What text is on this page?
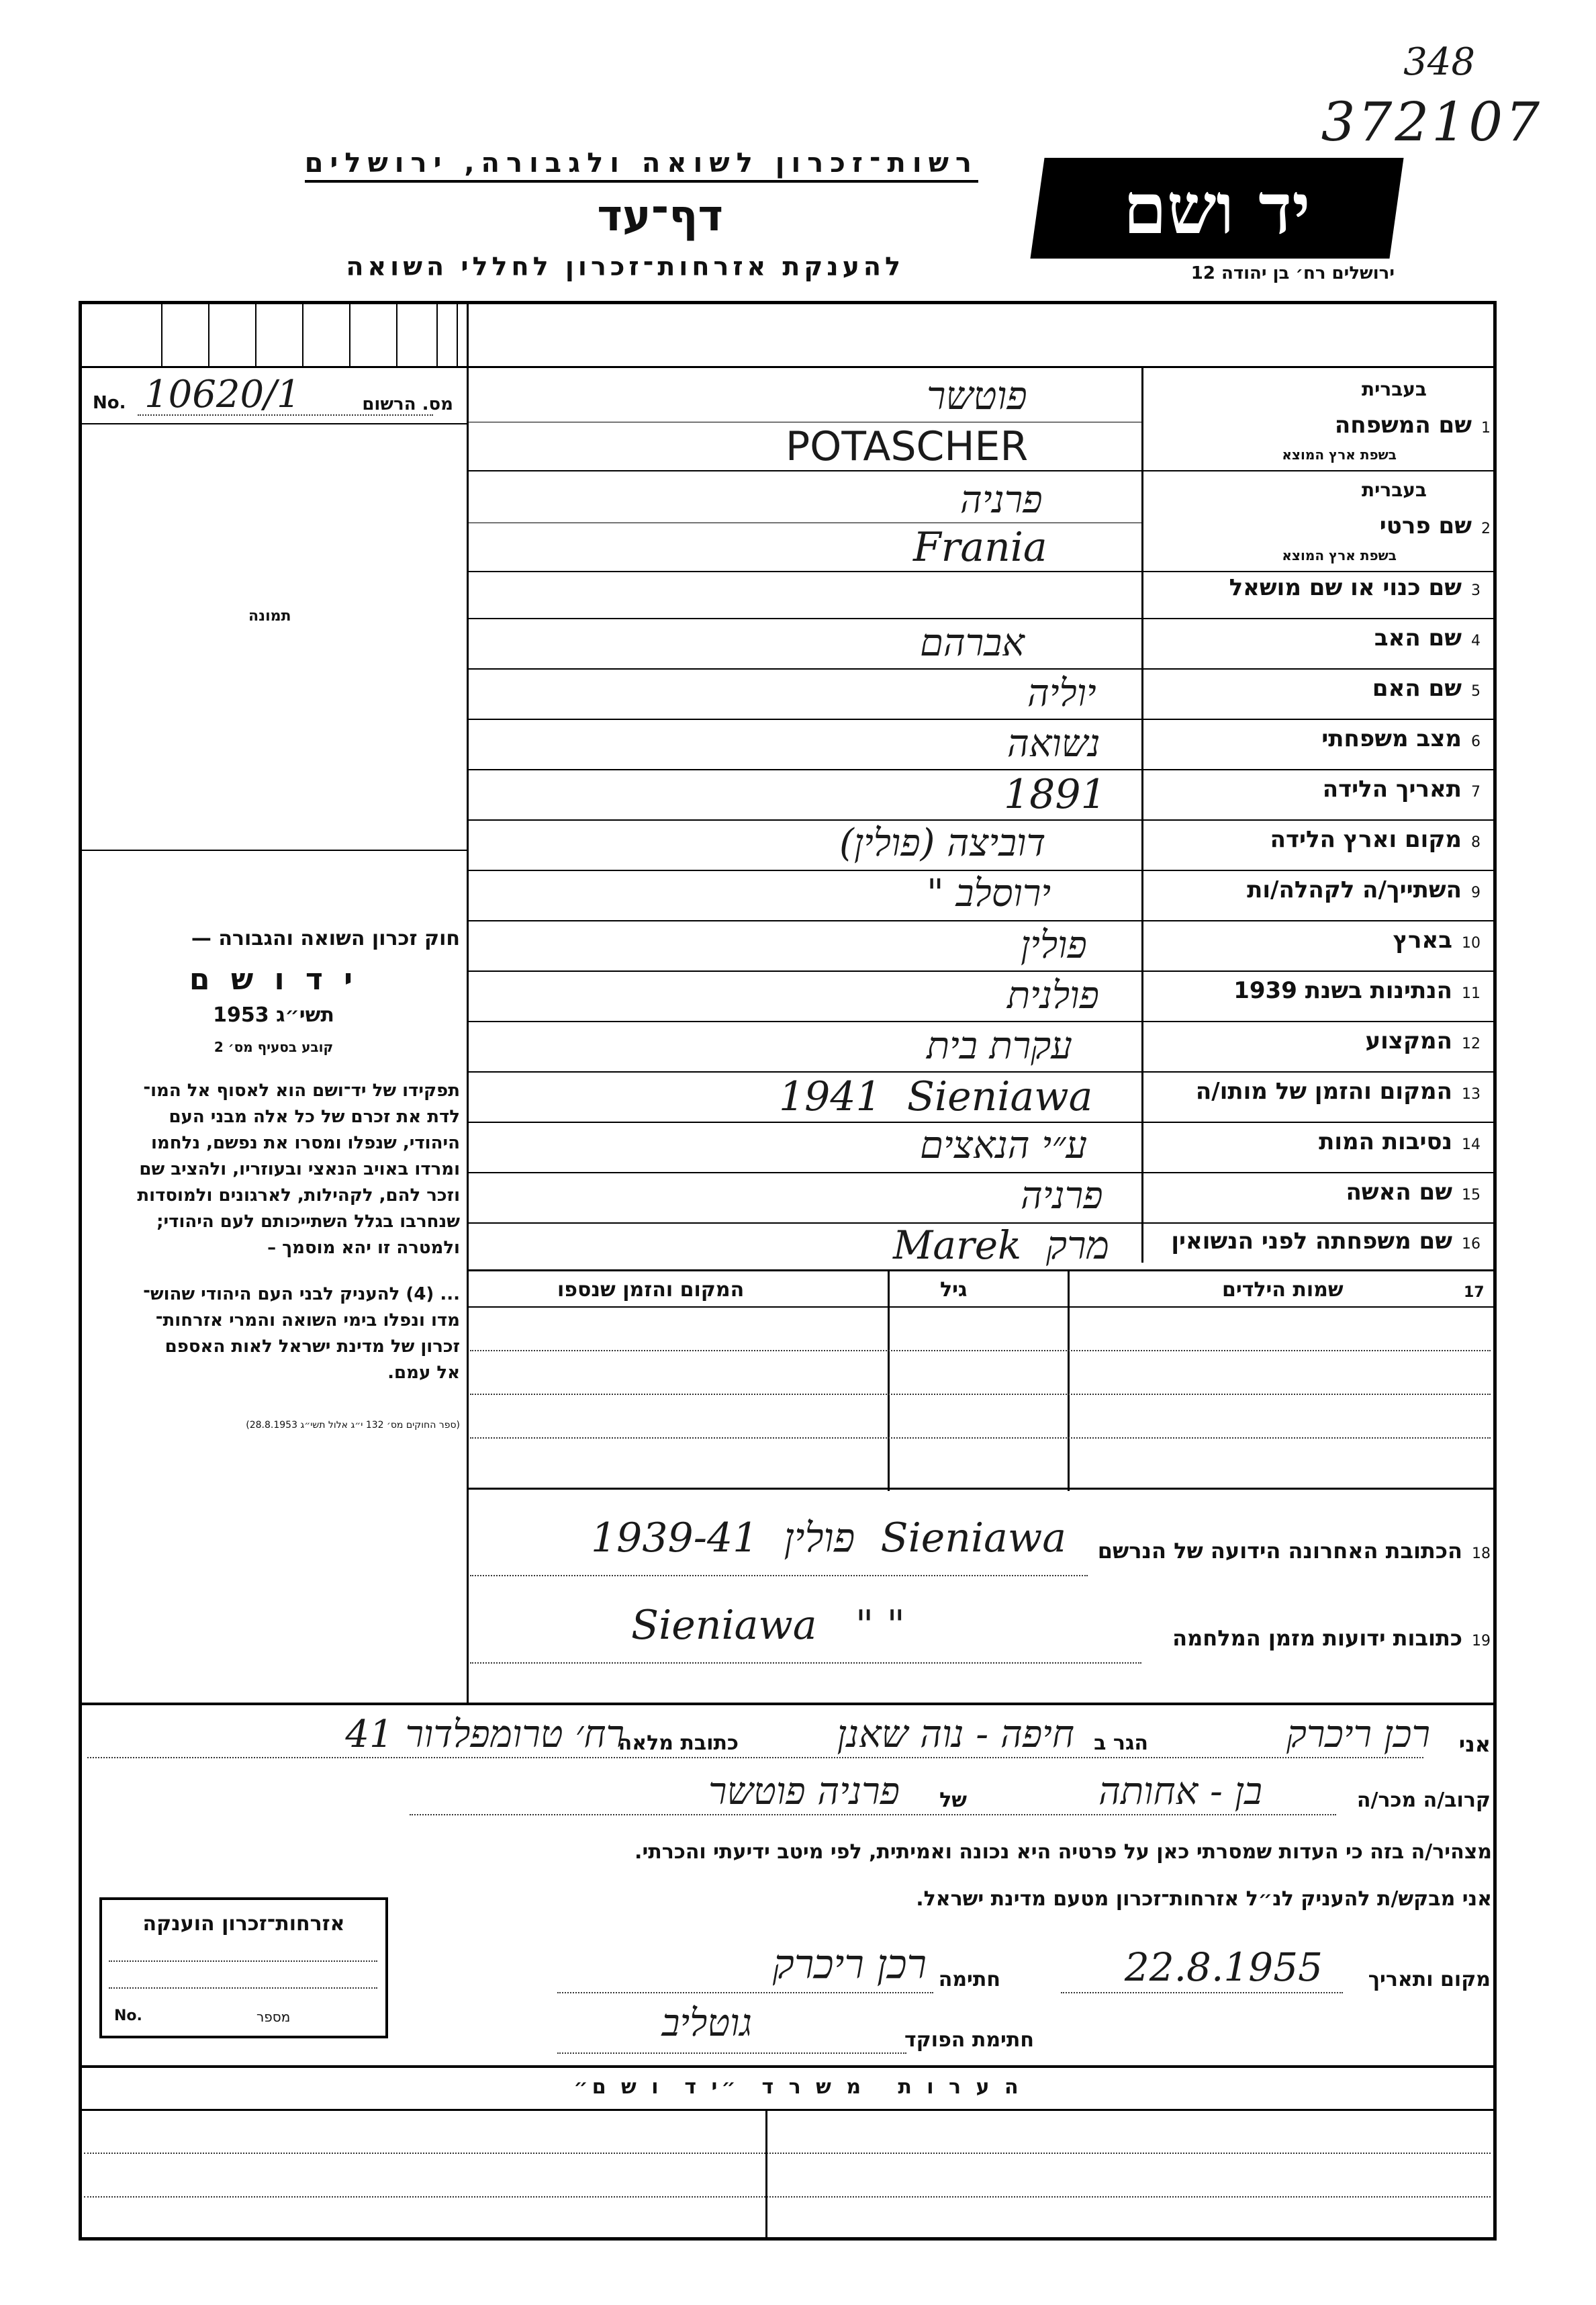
348
372107
רשות־זכרון לשואה ולגבורה, ירושלים
דף־עד
להענקת אזרחות־זכרון לחללי השואה
יד ושם
ירושלים רח׳ בן יהודה 12
No. 10620/1	מס. הרשום
תמונה
חוק זכרון השואה והגבורה —
י ד ו ש ם
תשי״ג 1953
קובע בסעיף מס׳ 2
תפקידו של יד־ושם הוא לאסוף אל המו־
לדת את זכרם של כל אלה מבני העם
היהודי, שנפלו ומסרו את נפשם, נלחמו
ומרדו באויב הנאצי ובעוזריו, ולהציב שם
וזכר להם, לקהילות, לארגונים ולמוסדות
שנחרבו בגלל השתייכותם לעם היהודי;
ולמטרה זו יהא מוסמך –
... (4) להעניק לבני העם היהודי שהוש־
מדו ונפלו בימי השואה והמרי אזרחות־
זכרון של מדינת ישראל לאות האספם
אל עמם.
(ספר החוקים מס׳ 132 י״ג אלול תשי״ג 28.8.1953)
בעברית
1שם המשפחה
בשפת ארץ המוצא
בעברית
2שם פרטי
בשפת ארץ המוצא
3שם כנוי או שם מושאל
4שם האב
5שם האם
6מצב משפחתי
7תאריך הלידה
8מקום וארץ הלידה
9השתייך/ה לקהלה/ות
10בארץ
11הנתינות בשנת 1939
12המקצוע
13המקום והזמן של מותו/ה
14נסיבות המות
15שם האשה
16שם משפחתה לפני הנשואין
פוטשר
POTASCHER
פרניה
Frania
אברהם
יוליה
נשואה
1891
דוביצה (פולין)
ירוסלב "
פולין
פולנית
עקרת בית
1941  Sieniawa
ע״י הנאצים
פרניה
Marek  מרק
17
שמות הילדים
גיל
המקום והזמן שנספו
18הכתובת האחרונה הידועה של הנרשם
1939-41  פולין  Sieniawa
19כתובות ידועות מזמן המלחמה
Sieniawa   " "
אני
רכן ריכרק
הגר ב
חיפה - נוה שאנן
כתובת מלאה
רח׳ טרומפלדור 41
קרוב/ה מכר/ה
בן - אחותה
של
פרניה פוטשר
מצהיר/ה בזה כי העדות שמסרתי כאן על פרטיה היא נכונה ואמיתית, לפי מיטב ידיעתי והכרתי.
אני מבקש/ת להעניק לנ״ל אזרחות־זכרון מטעם מדינת ישראל.
אזרחות־זכרון הוענקה
No.	מספר
מקום ותאריך
22.8.1955
חתימה
רכן ריכרק
חתימת הפוקד
גוטליב
ה ע ר ו ת   מ ש ר ד  ״י ד  ו ש ם״
